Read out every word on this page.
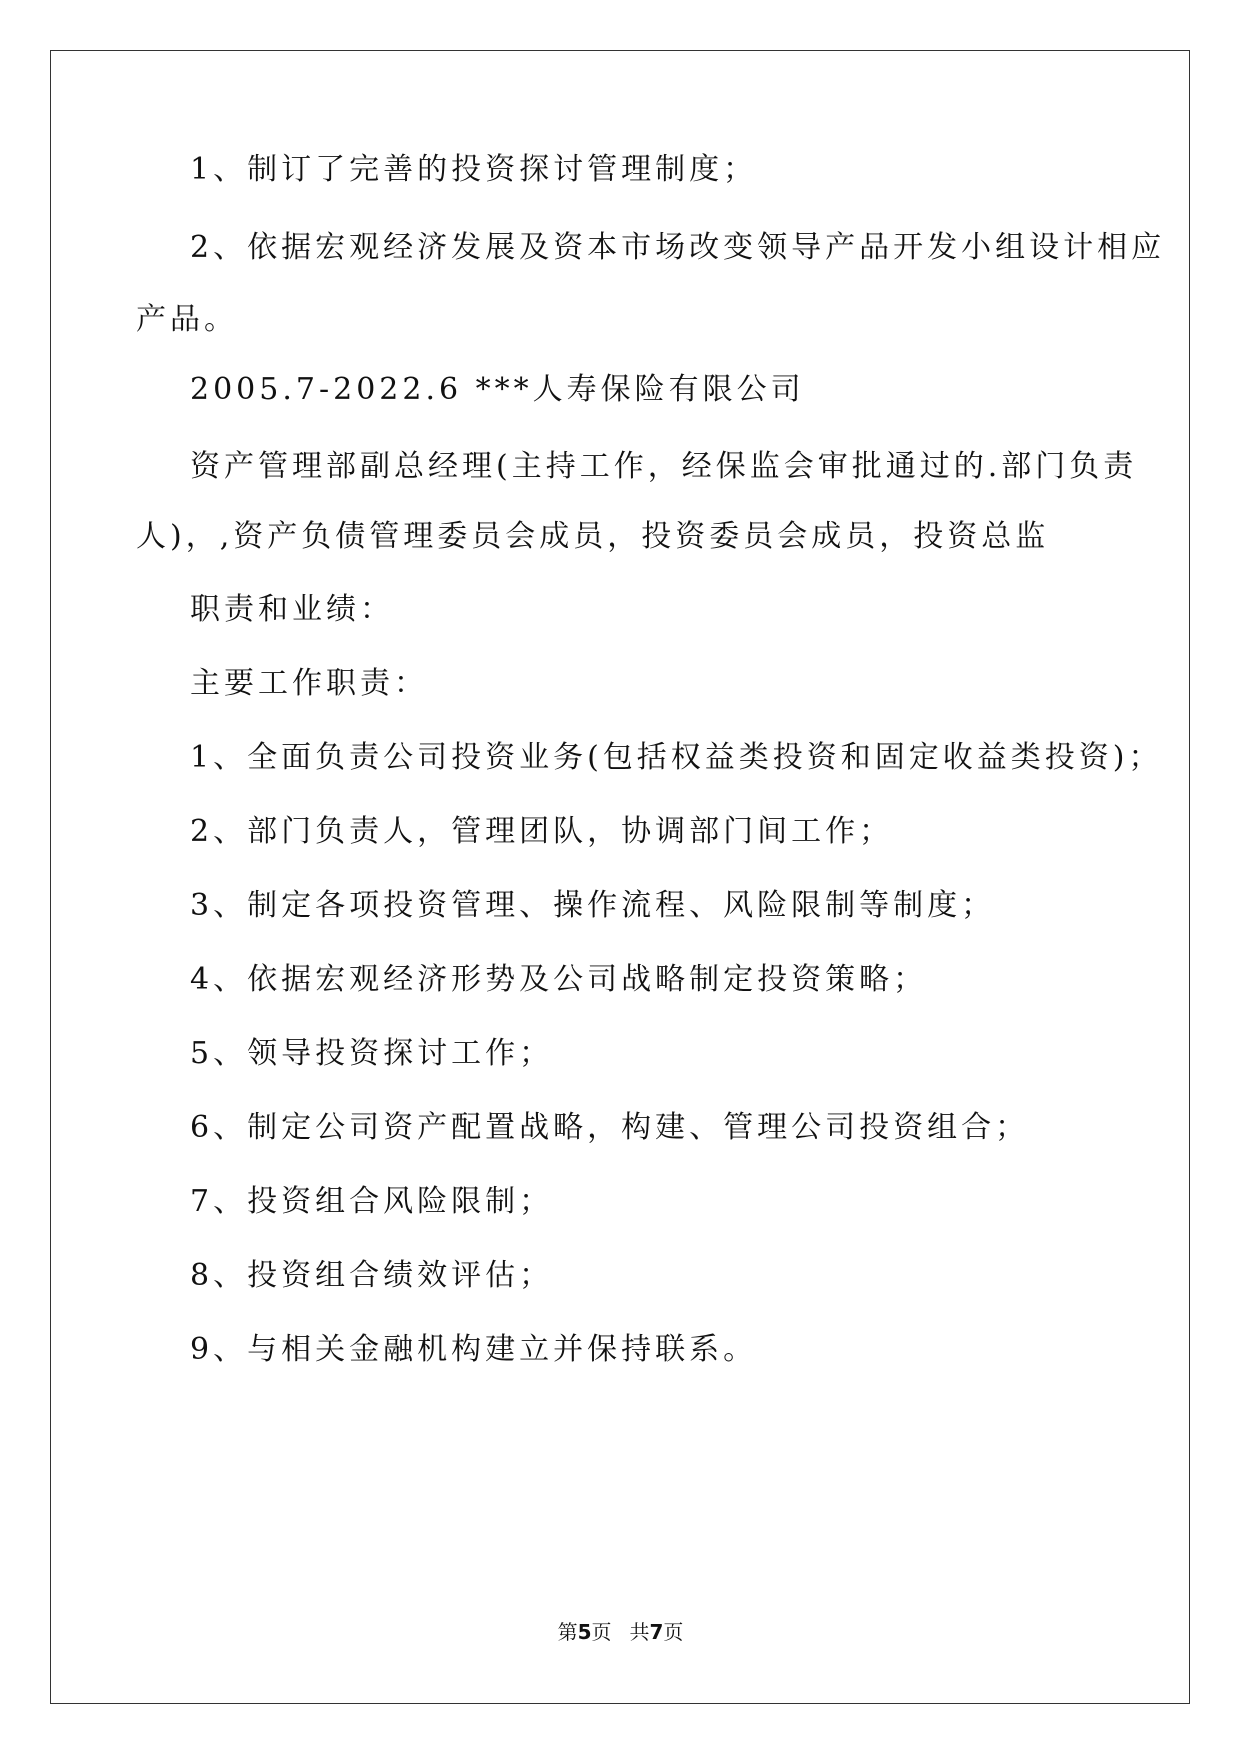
1、制订了完善的投资探讨管理制度；
2、依据宏观经济发展及资本市场改变领导产品开发小组设计相应
产品。
2005.7-2022.6 ***人寿保险有限公司
资产管理部副总经理(主持工作，经保监会审批通过的.部门负责
人)，,资产负债管理委员会成员，投资委员会成员，投资总监
职责和业绩：
主要工作职责：
1、全面负责公司投资业务(包括权益类投资和固定收益类投资)；
2、部门负责人，管理团队，协调部门间工作；
3、制定各项投资管理、操作流程、风险限制等制度；
4、依据宏观经济形势及公司战略制定投资策略；
5、领导投资探讨工作；
6、制定公司资产配置战略，构建、管理公司投资组合；
7、投资组合风险限制；
8、投资组合绩效评估；
9、与相关金融机构建立并保持联系。
第5页 共7页
